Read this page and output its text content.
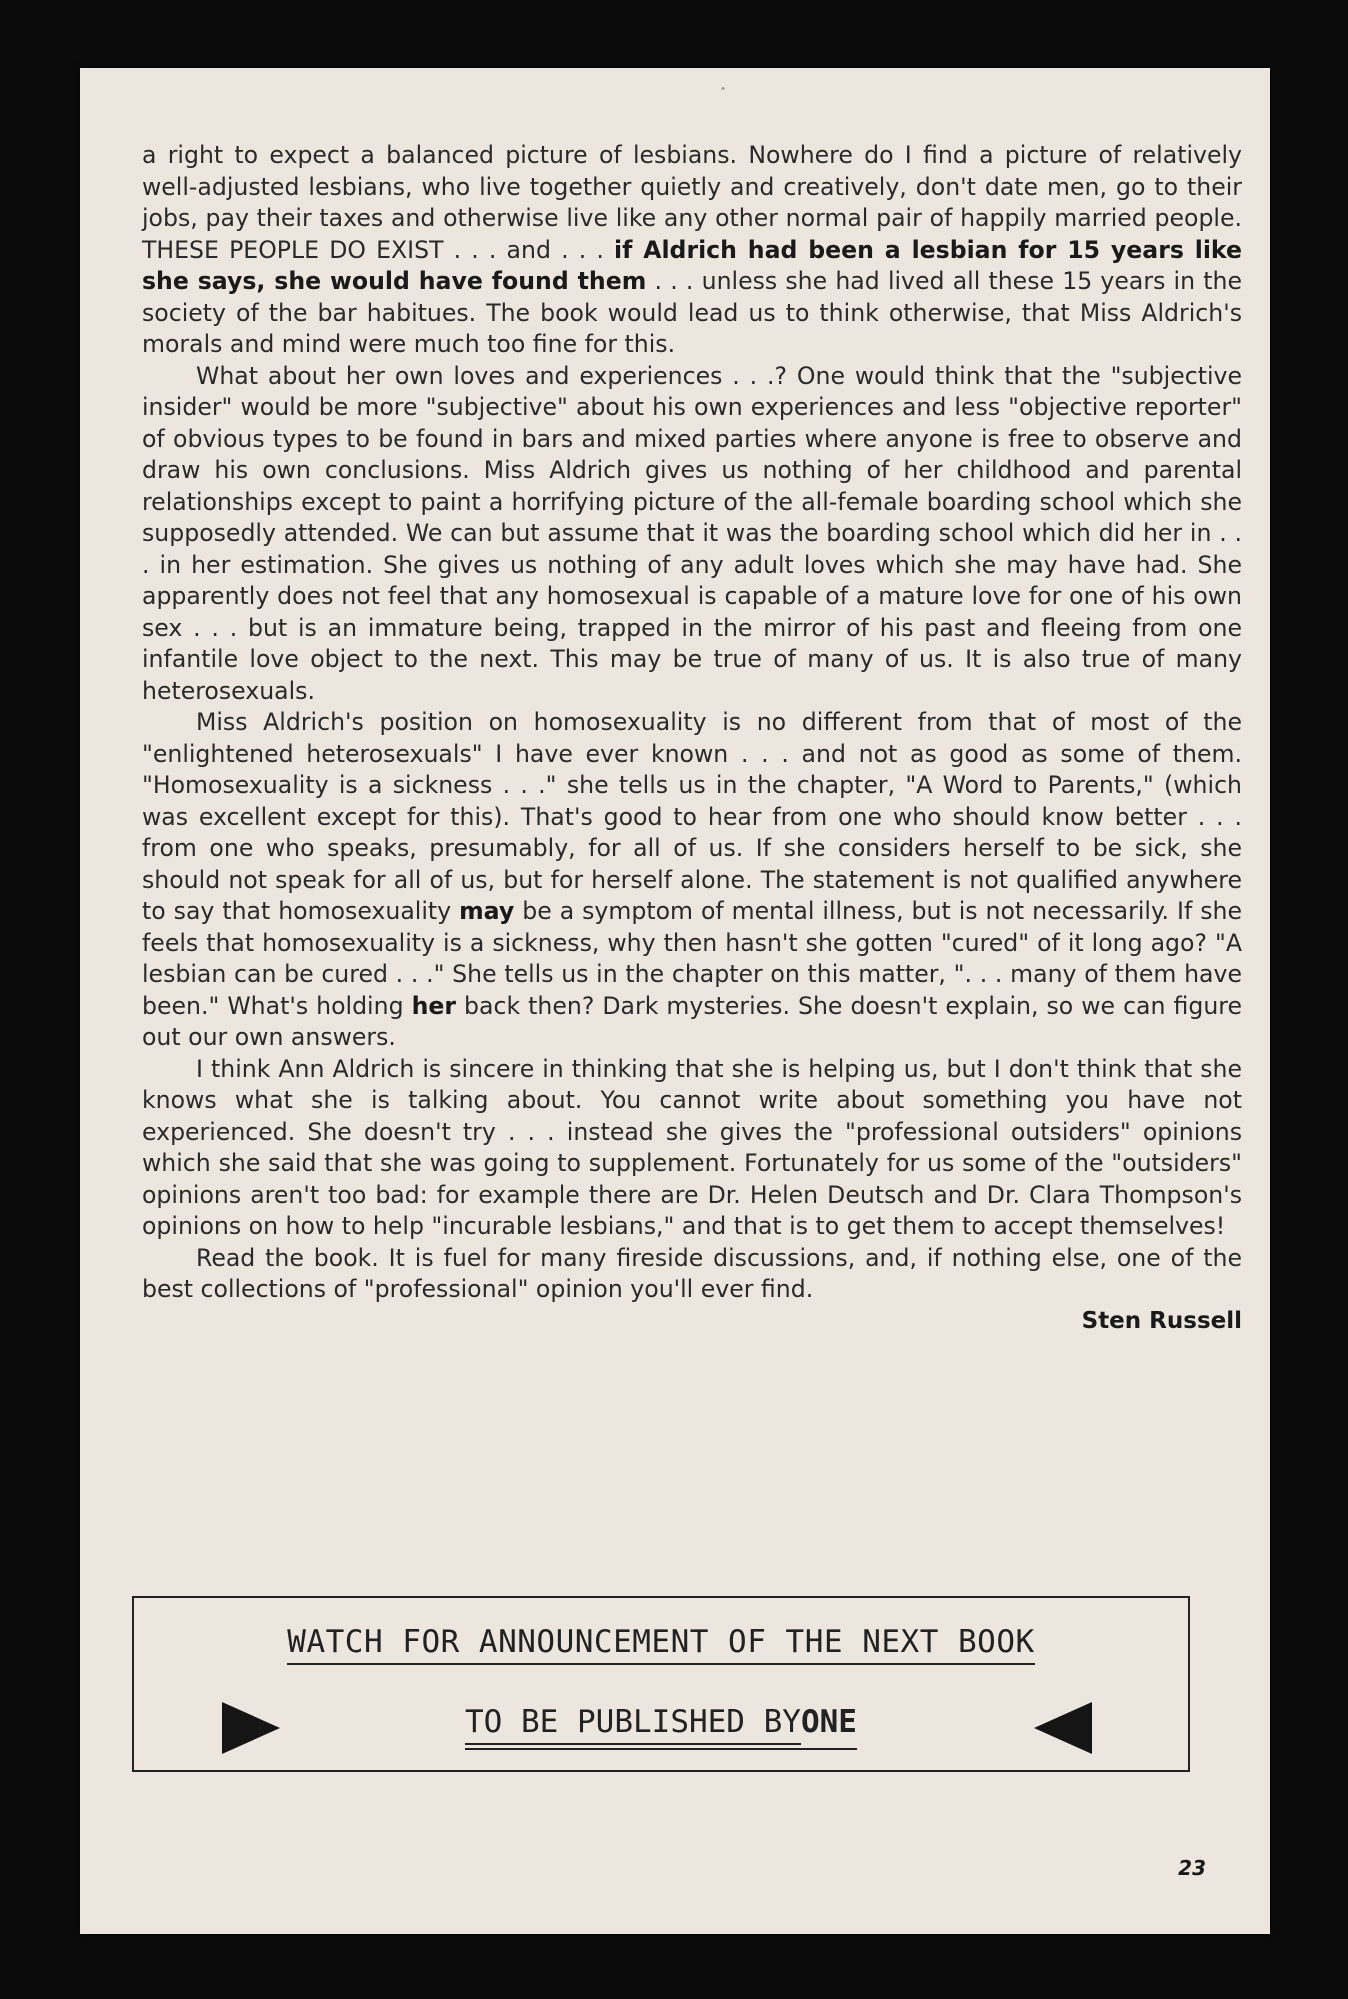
ˆ

a right to expect a balanced picture of lesbians. Nowhere do I find a picture of relatively well-adjusted lesbians, who live together quietly and creatively, don't date men, go to their jobs, pay their taxes and otherwise live like any other normal pair of happily married people. THESE PEOPLE DO EXIST . . . and . . . if Aldrich had been a lesbian for 15 years like she says, she would have found them . . . unless she had lived all these 15 years in the society of the bar habitues. The book would lead us to think otherwise, that Miss Aldrich's morals and mind were much too fine for this.

What about her own loves and experiences . . .? One would think that the "subjective insider" would be more "subjective" about his own experiences and less "objective reporter" of obvious types to be found in bars and mixed parties where anyone is free to observe and draw his own conclusions. Miss Aldrich gives us nothing of her childhood and parental relationships except to paint a horrifying picture of the all-female boarding school which she supposedly attended. We can but assume that it was the boarding school which did her in . . . in her estimation. She gives us nothing of any adult loves which she may have had. She apparently does not feel that any homosexual is capable of a mature love for one of his own sex . . . but is an immature being, trapped in the mirror of his past and fleeing from one infantile love object to the next. This may be true of many of us. It is also true of many heterosexuals.

Miss Aldrich's position on homosexuality is no different from that of most of the "enlightened heterosexuals" I have ever known . . . and not as good as some of them. "Homosexuality is a sickness . . ." she tells us in the chapter, "A Word to Parents," (which was excellent except for this). That's good to hear from one who should know better . . . from one who speaks, presumably, for all of us. If she considers herself to be sick, she should not speak for all of us, but for herself alone. The statement is not qualified anywhere to say that homosexuality may be a symptom of mental illness, but is not necessarily. If she feels that homosexuality is a sickness, why then hasn't she gotten "cured" of it long ago? "A lesbian can be cured . . ." She tells us in the chapter on this matter, ". . . many of them have been." What's holding her back then? Dark mysteries. She doesn't explain, so we can figure out our own answers.

I think Ann Aldrich is sincere in thinking that she is helping us, but I don't think that she knows what she is talking about. You cannot write about something you have not experienced. She doesn't try . . . instead she gives the "professional outsiders" opinions which she said that she was going to supplement. Fortunately for us some of the "outsiders" opinions aren't too bad: for example there are Dr. Helen Deutsch and Dr. Clara Thompson's opinions on how to help "incurable lesbians," and that is to get them to accept themselves!

Read the book. It is fuel for many fireside discussions, and, if nothing else, one of the best collections of "professional" opinion you'll ever find.

Sten Russell
WATCH FOR ANNOUNCEMENT OF THE NEXT BOOK
TO BE PUBLISHED BYONE
23
